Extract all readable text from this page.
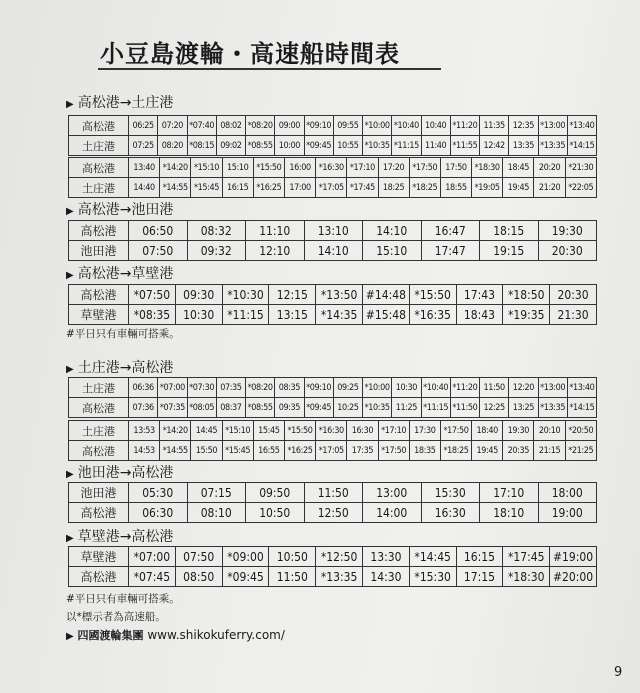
小豆島渡輪・高速船時間表
▶ 高松港→土庄港
高松港	06:25	07:20	*07:40	08:02	*08:20	09:00	*09:10	09:55	*10:00	*10:40	10:40	*11:20	11:35	12:35	*13:00	*13:40
土庄港	07:25	08:20	*08:15	09:02	*08:55	10:00	*09:45	10:55	*10:35	*11:15	11:40	*11:55	12:42	13:35	*13:35	*14:15
高松港	13:40	*14:20	*15:10	15:10	*15:50	16:00	*16:30	*17:10	17:20	*17:50	17:50	*18:30	18:45	20:20	*21:30
土庄港	14:40	*14:55	*15:45	16:15	*16:25	17:00	*17:05	*17:45	18:25	*18:25	18:55	*19:05	19:45	21:20	*22:05
▶ 高松港→池田港
高松港	06:50	08:32	11:10	13:10	14:10	16:47	18:15	19:30
池田港	07:50	09:32	12:10	14:10	15:10	17:47	19:15	20:30
▶ 高松港→草壁港
高松港	*07:50	09:30	*10:30	12:15	*13:50	#14:48	*15:50	17:43	*18:50	20:30
草壁港	*08:35	10:30	*11:15	13:15	*14:35	#15:48	*16:35	18:43	*19:35	21:30
#平日只有車輛可搭乘。
▶ 土庄港→高松港
土庄港	06:36	*07:00	*07:30	07:35	*08:20	08:35	*09:10	09:25	*10:00	10:30	*10:40	*11:20	11:50	12:20	*13:00	*13:40
高松港	07:36	*07:35	*08:05	08:37	*08:55	09:35	*09:45	10:25	*10:35	11:25	*11:15	*11:50	12:25	13:25	*13:35	*14:15
土庄港	13:53	*14:20	14:45	*15:10	15:45	*15:50	*16:30	16:30	*17:10	17:30	*17:50	18:40	19:30	20:10	*20:50
高松港	14:53	*14:55	15:50	*15:45	16:55	*16:25	*17:05	17:35	*17:50	18:35	*18:25	19:45	20:35	21:15	*21:25
▶ 池田港→高松港
池田港	05:30	07:15	09:50	11:50	13:00	15:30	17:10	18:00
高松港	06:30	08:10	10:50	12:50	14:00	16:30	18:10	19:00
▶ 草壁港→高松港
草壁港	*07:00	07:50	*09:00	10:50	*12:50	13:30	*14:45	16:15	*17:45	#19:00
高松港	*07:45	08:50	*09:45	11:50	*13:35	14:30	*15:30	17:15	*18:30	#20:00
#平日只有車輛可搭乘。
以*標示者為高速船。
▶ 四國渡輪集團 www.shikokuferry.com/
9
